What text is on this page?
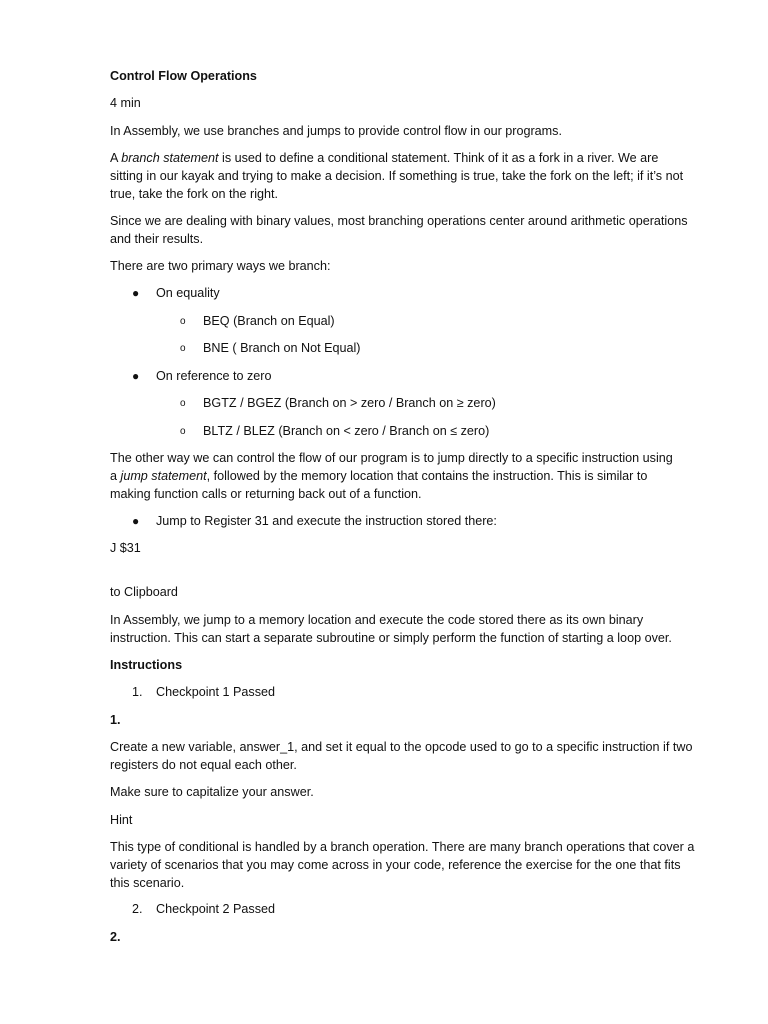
Control Flow Operations

4 min

In Assembly, we use branches and jumps to provide control flow in our programs.

A branch statement is used to define a conditional statement. Think of it as a fork in a river. We are

sitting in our kayak and trying to make a decision. If something is true, take the fork on the left; if it’s not

true, take the fork on the right.

Since we are dealing with binary values, most branching operations center around arithmetic operations

and their results.

There are two primary ways we branch:

● On equality

o BEQ (Branch on Equal)

o BNE ( Branch on Not Equal)

● On reference to zero

o BGTZ / BGEZ (Branch on > zero / Branch on ≥ zero)

o BLTZ / BLEZ (Branch on < zero / Branch on ≤ zero)

The other way we can control the flow of our program is to jump directly to a specific instruction using

a jump statement, followed by the memory location that contains the instruction. This is similar to

making function calls or returning back out of a function.

● Jump to Register 31 and execute the instruction stored there:

J $31

to Clipboard

In Assembly, we jump to a memory location and execute the code stored there as its own binary

instruction. This can start a separate subroutine or simply perform the function of starting a loop over.

Instructions

1.	Checkpoint 1 Passed

1.

Create a new variable, answer_1, and set it equal to the opcode used to go to a specific instruction if two

registers do not equal each other.

Make sure to capitalize your answer.

Hint

This type of conditional is handled by a branch operation. There are many branch operations that cover a

variety of scenarios that you may come across in your code, reference the exercise for the one that fits

this scenario.

2.	Checkpoint 2 Passed

2.
